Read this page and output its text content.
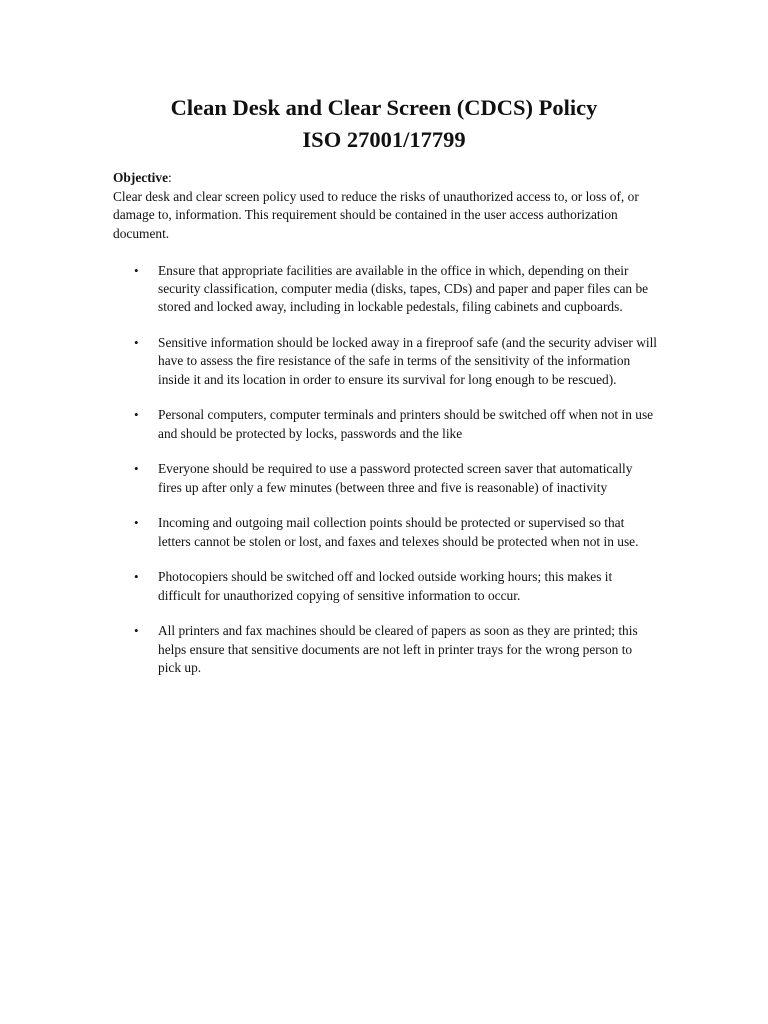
Clean Desk and Clear Screen (CDCS) Policy
ISO 27001/17799
Objective:

Clear desk and clear screen policy used to reduce the risks of unauthorized access to, or loss of, or damage to, information. This requirement should be contained in the user access authorization document.

•	Ensure that appropriate facilities are available in the office in which, depending on their security classification, computer media (disks, tapes, CDs) and paper and paper files can be stored and locked away, including in lockable pedestals, filing cabinets and cupboards.
•	Sensitive information should be locked away in a fireproof safe (and the security adviser will have to assess the fire resistance of the safe in terms of the sensitivity of the information inside it and its location in order to ensure its survival for long enough to be rescued).
•	Personal computers, computer terminals and printers should be switched off when not in use and should be protected by locks, passwords and the like
•	Everyone should be required to use a password protected screen saver that automatically fires up after only a few minutes (between three and five is reasonable) of inactivity
•	Incoming and outgoing mail collection points should be protected or supervised so that letters cannot be stolen or lost, and faxes and telexes should be protected when not in use.
•	Photocopiers should be switched off and locked outside working hours; this makes it difficult for unauthorized copying of sensitive information to occur.
•	All printers and fax machines should be cleared of papers as soon as they are printed; this helps ensure that sensitive documents are not left in printer trays for the wrong person to pick up.
